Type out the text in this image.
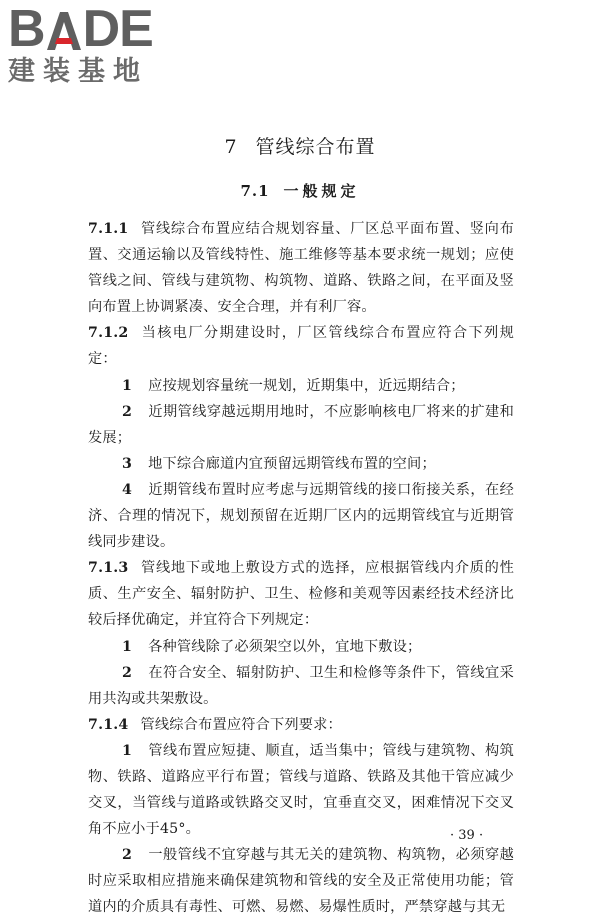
B DE
建装基地
7 管线综合布置
7.1 一般规定

7.1.1 管线综合布置应结合规划容量、厂区总平面布置、竖向布置、交通运输以及管线特性、施工维修等基本要求统一规划；应使管线之间、管线与建筑物、构筑物、道路、铁路之间，在平面及竖向布置上协调紧凑、安全合理，并有利厂容。

7.1.2 当核电厂分期建设时，厂区管线综合布置应符合下列规定：

1 应按规划容量统一规划，近期集中，近远期结合；

2 近期管线穿越远期用地时，不应影响核电厂将来的扩建和发展；

3 地下综合廊道内宜预留远期管线布置的空间；

4 近期管线布置时应考虑与远期管线的接口衔接关系，在经济、合理的情况下，规划预留在近期厂区内的远期管线宜与近期管线同步建设。

7.1.3 管线地下或地上敷设方式的选择，应根据管线内介质的性质、生产安全、辐射防护、卫生、检修和美观等因素经技术经济比较后择优确定，并宜符合下列规定：

1 各种管线除了必须架空以外，宜地下敷设；

2 在符合安全、辐射防护、卫生和检修等条件下，管线宜采用共沟或共架敷设。

7.1.4 管线综合布置应符合下列要求：

1 管线布置应短捷、顺直，适当集中；管线与建筑物、构筑物、铁路、道路应平行布置；管线与道路、铁路及其他干管应减少交叉，当管线与道路或铁路交叉时，宜垂直交叉，困难情况下交叉角不应小于45°。

2 一般管线不宜穿越与其无关的建筑物、构筑物，必须穿越时应采取相应措施来确保建筑物和管线的安全及正常使用功能；管道内的介质具有毒性、可燃、易燃、易爆性质时，严禁穿越与其无

· 39 ·
